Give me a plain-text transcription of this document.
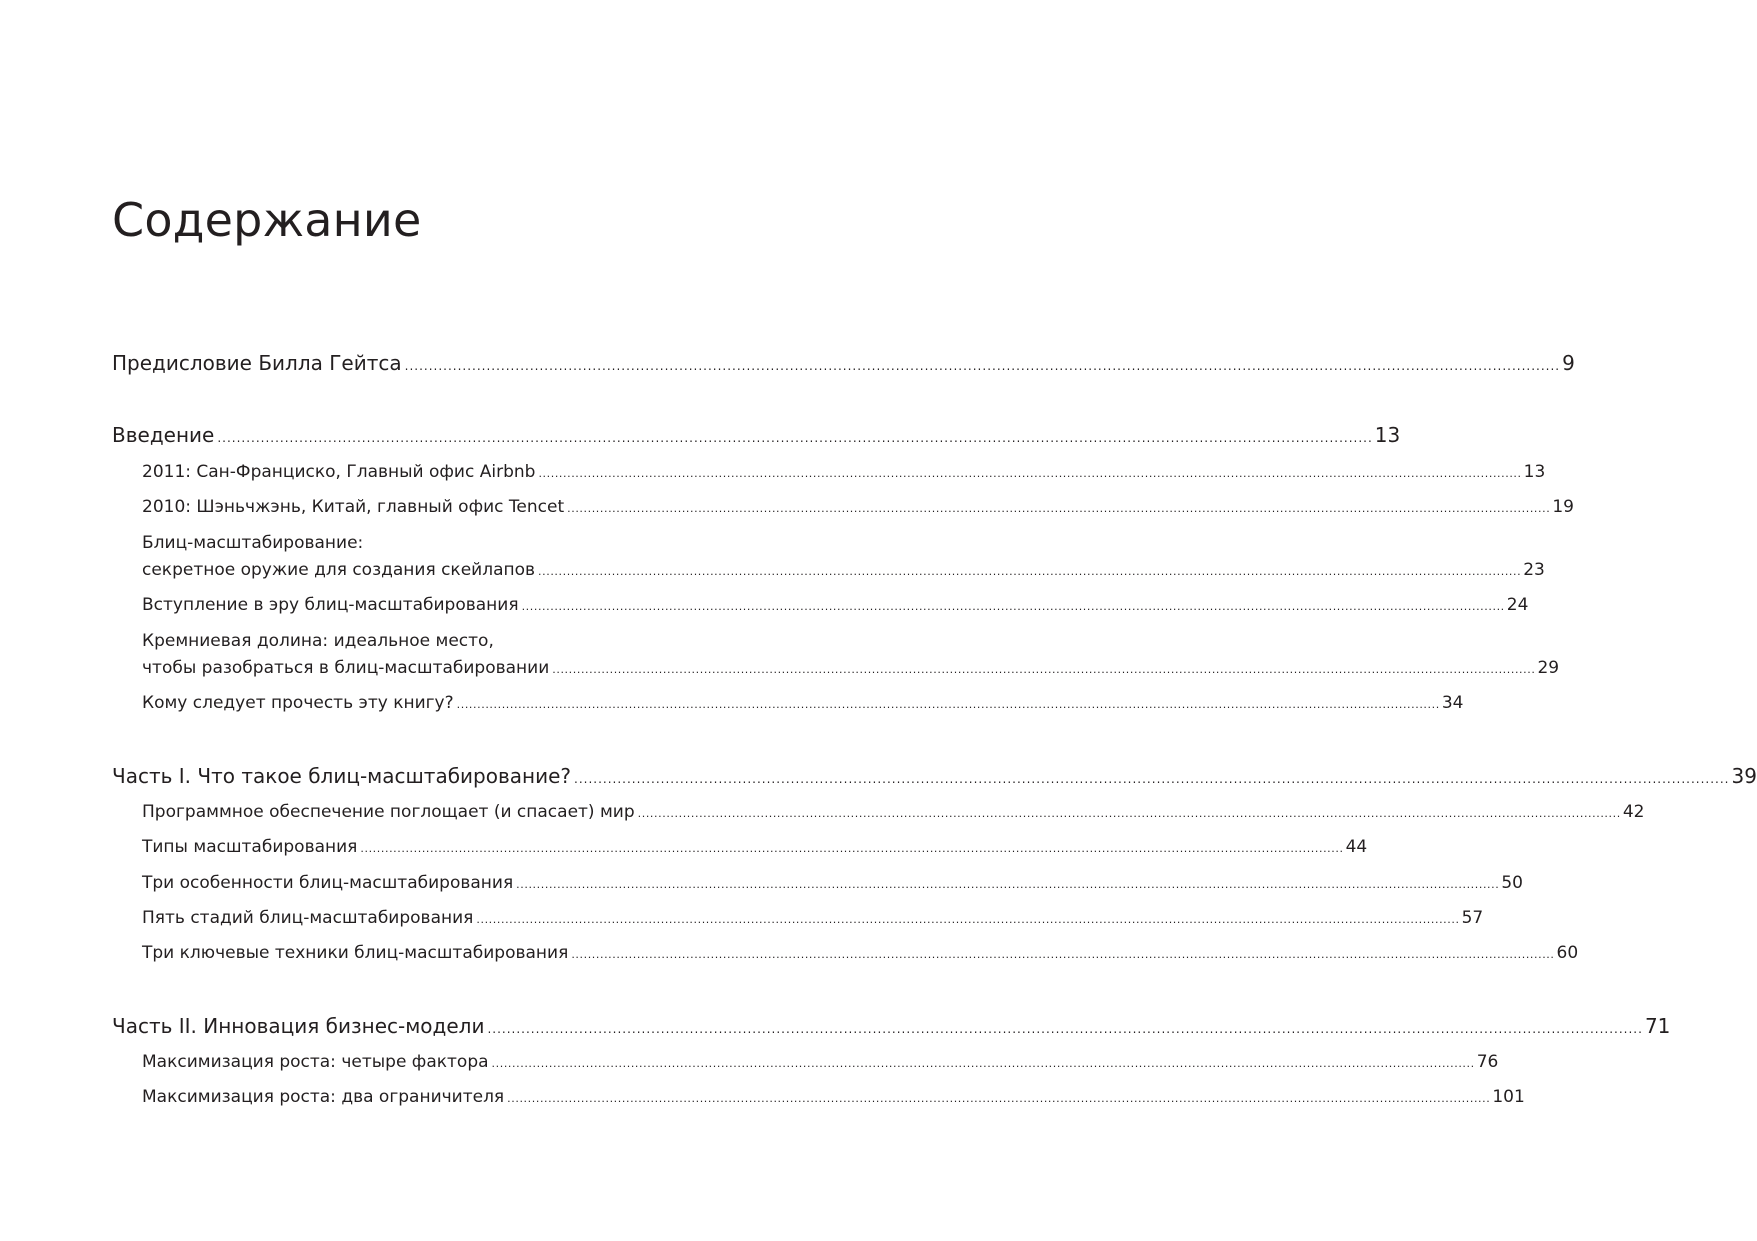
Содержание
Предисловие Билла Гейтса ................................................................................................................................................................................................................................................ 9
Введение ................................................................................................................................................................................................................................................ 13
2011: Сан-Франциско, Главный офис Airbnb ................................................................................................................................................................................................................................................ 13
2010: Шэньчжэнь, Китай, главный офис Tencet ................................................................................................................................................................................................................................................ 19
Блиц-масштабирование:
секретное оружие для создания скейлапов ................................................................................................................................................................................................................................................ 23
Вступление в эру блиц-масштабирования ................................................................................................................................................................................................................................................ 24
Кремниевая долина: идеальное место,
чтобы разобраться в блиц-масштабировании ................................................................................................................................................................................................................................................ 29
Кому следует прочесть эту книгу? ................................................................................................................................................................................................................................................ 34
Часть I. Что такое блиц-масштабирование? ................................................................................................................................................................................................................................................ 39
Программное обеспечение поглощает (и спасает) мир ................................................................................................................................................................................................................................................ 42
Типы масштабирования ................................................................................................................................................................................................................................................ 44
Три особенности блиц-масштабирования ................................................................................................................................................................................................................................................ 50
Пять стадий блиц-масштабирования ................................................................................................................................................................................................................................................ 57
Три ключевые техники блиц-масштабирования ................................................................................................................................................................................................................................................ 60
Часть II. Инновация бизнес-модели ................................................................................................................................................................................................................................................ 71
Максимизация роста: четыре фактора ................................................................................................................................................................................................................................................ 76
Максимизация роста: два ограничителя ................................................................................................................................................................................................................................................ 101
